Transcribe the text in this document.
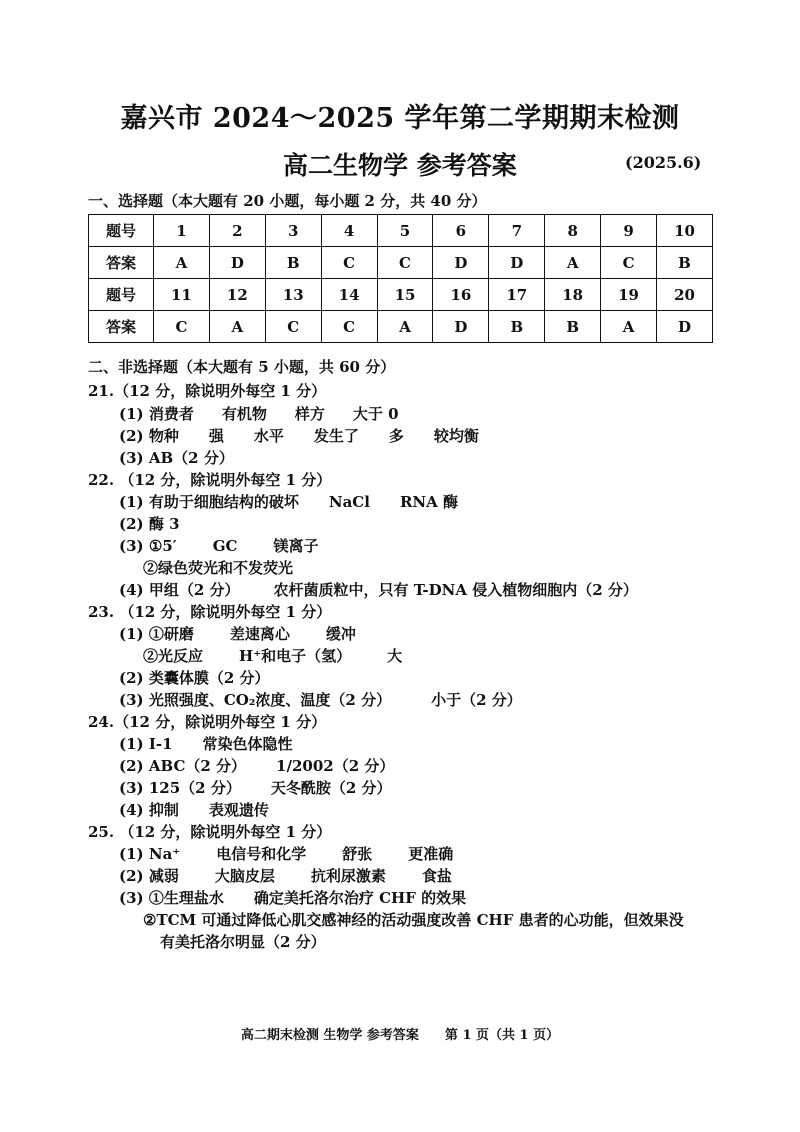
嘉兴市 2024～2025 学年第二学期期末检测
高二生物学 参考答案	(2025.6)
一、选择题（本大题有 20 小题，每小题 2 分，共 40 分）
题号	1	2	3	4	5	6	7	8	9	10
答案	A	D	B	C	C	D	D	A	C	B
题号	11	12	13	14	15	16	17	18	19	20
答案	C	A	C	C	A	D	B	B	A	D
二、非选择题（本大题有 5 小题，共 60 分）
21.（12 分，除说明外每空 1 分）
(1) 消费者 有机物 样方 大于 0
(2) 物种 强 水平 发生了 多 较均衡
(3) AB（2 分）
22. （12 分，除说明外每空 1 分）
(1) 有助于细胞结构的破坏 NaCl RNA 酶
(2) 酶 3
(3) ①5′ GC 镁离子
②绿色荧光和不发荧光
(4) 甲组（2 分） 农杆菌质粒中，只有 T-DNA 侵入植物细胞内（2 分）
23. （12 分，除说明外每空 1 分）
(1) ①研磨 差速离心 缓冲
②光反应 H⁺和电子（氢） 大
(2) 类囊体膜（2 分）
(3) 光照强度、CO₂浓度、温度（2 分）	小于（2 分）
24.（12 分，除说明外每空 1 分）
(1) Ⅰ-1 常染色体隐性
(2) ABC（2 分） 1/2002（2 分）
(3) 125（2 分） 天冬酰胺（2 分）
(4) 抑制 表观遗传
25. （12 分，除说明外每空 1 分）
(1) Na⁺ 电信号和化学 舒张 更准确
(2) 减弱 大脑皮层 抗利尿激素 食盐
(3) ①生理盐水 确定美托洛尔治疗 CHF 的效果
②TCM 可通过降低心肌交感神经的活动强度改善 CHF 患者的心功能，但效果没
有美托洛尔明显（2 分）
高二期末检测 生物学 参考答案　　第 1 页（共 1 页）
